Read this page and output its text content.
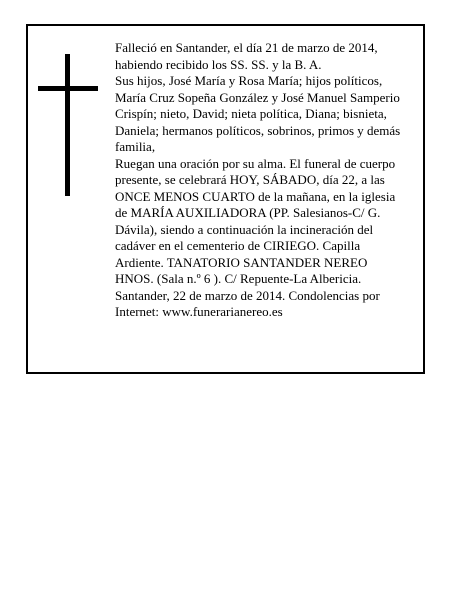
Falleció en Santander, el día 21 de marzo de 2014,
habiendo recibido los SS. SS. y la B. A.
Sus hijos, José María y Rosa María; hijos políticos,
María Cruz Sopeña González y José Manuel Samperio
Crispín; nieto, David; nieta política, Diana; bisnieta,
Daniela; hermanos políticos, sobrinos, primos y demás
familia,
Ruegan una oración por su alma. El funeral de cuerpo
presente, se celebrará HOY, SÁBADO, día 22, a las
ONCE MENOS CUARTO de la mañana, en la iglesia
de MARÍA AUXILIADORA (PP. Salesianos-C/ G.
Dávila), siendo a continuación la incineración del
cadáver en el cementerio de CIRIEGO. Capilla
Ardiente. TANATORIO SANTANDER NEREO
HNOS. (Sala n.º 6 ). C/ Repuente-La Albericia.
Santander, 22 de marzo de 2014. Condolencias por
Internet: www.funerarianereo.es
